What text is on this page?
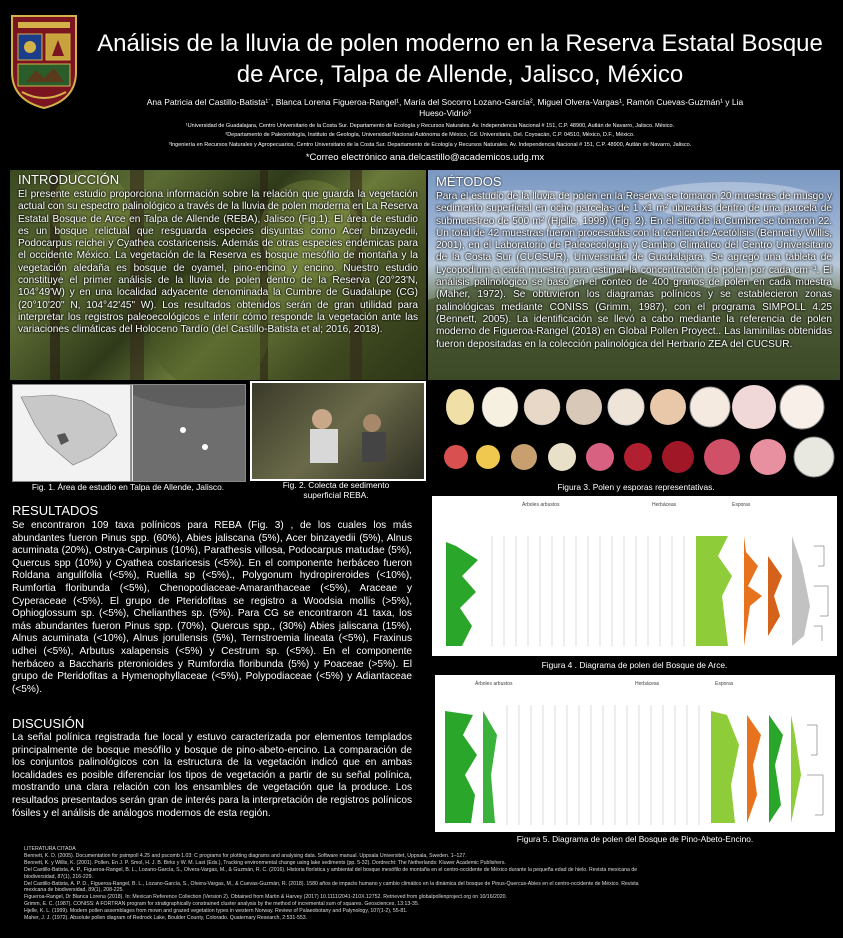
Análisis de la lluvia de polen moderno en la Reserva Estatal Bosque
de Arce, Talpa de Allende, Jalisco, México
Ana Patricia del Castillo-Batista¹˙, Blanca Lorena Figueroa-Rangel¹, María del Socorro Lozano-García², Miguel Olvera-Vargas¹, Ramón Cuevas-Guzmán¹ y Lia
Hueso-Vidrio³
¹Universidad de Guadalajara, Centro Universitario de la Costa Sur. Departamento de Ecología y Recursos Naturales. Av. Independencia Nacional # 151, C.P. 48900, Autlán de Navarro, Jalisco. México.
²Departamento de Paleontología, Instituto de Geología, Universidad Nacional Autónoma de México, Cd. Universitaria, Del. Coyoacán, C.P. 04510, México, D.F., México.
³Ingeniería en Recursos Naturales y Agropecuarios, Centro Universitario de la Costa Sur. Departamento de Ecología y Recursos Naturales. Av. Independencia Nacional # 151, C.P. 48900, Autlán de Navarro, Jalisco.
*Correo electrónico ana.delcastillo@academicos.udg.mx
INTRODUCCIÓN
El presente estudio proporciona información sobre la relación que guarda la vegetación actual con su espectro palinológico a través de la lluvia de polen moderna en La Reserva Estatal Bosque de Arce en Talpa de Allende (REBA), Jalisco (Fig.1). El área de estudio es un bosque relictual que resguarda especies disyuntas como Acer binzayedii, Podocarpus reichei y Cyathea costaricensis. Además de otras especies endémicas para el occidente México. La vegetación de la Reserva es bosque mesófilo de montaña y la vegetación aledaña es bosque de oyamel, pino-encino y encino. Nuestro estudio constituye el primer análisis de la lluvia de polen dentro de la Reserva (20°23'N, 104°49'W) y en una localidad adyacente denominada la Cumbre de Guadalupe (CG) (20°10'20" N, 104°42'45" W). Los resultados obtenidos serán de gran utilidad para interpretar los registros paleoecológicos e inferir cómo responde la vegetación ante las variaciones climáticas del Holoceno Tardío (del Castillo-Batista et al; 2016, 2018).
MÉTODOS
Para el estudio de la lluvia de polen en la Reserva se tomaron 20 muestras de musgo y sedimento superficial en ocho parcelas de 1 x1 m² ubicadas dentro de una parcela de submuestreo de 500 m² (Hjelle, 1999) (Fig. 2). En el sitio de la Cumbre se tomaron 22. Un total de 42 muestras fueron procesadas con la técnica de Acetólisis (Bennett y Willis, 2001), en el Laboratorio de Paleoecología y Cambio Climático del Centro Universitario de la Costa Sur (CUCSUR), Universidad de Guadalajara. Se agregó una tableta de Lycopodium a cada muestra para estimar la concentración de polen por cada cm⁻³. El análisis palinológico se basó en el conteo de 400 granos de polen en cada muestra (Maher, 1972). Se obtuvieron los diagramas polínicos y se establecieron zonas palinológicas mediante CONISS (Grimm, 1987), con el programa SIMPOLL 4.25 (Bennett, 2005). La identificación se llevó a cabo mediante la referencia de polen moderno de Figueroa-Rangel (2018) en Global Pollen Proyect.. Las laminillas obtenidas fueron depositadas en la colección palinológica del Herbario ZEA del CUCSUR.
Fig. 1. Área de estudio en Talpa de Allende, Jalisco.	Fig. 2. Colecta de sedimento
superficial REBA.
Figura 3. Polen y esporas representativas.
Árboles arbustos	Herbáceas	Esporas
Figura 4 . Diagrama de polen del Bosque de Arce.
Árboles arbustos	Herbáceas	Esporas
Figura 5. Diagrama de polen del Bosque de Pino-Abeto-Encino.
RESULTADOS
Se encontraron 109 taxa polínicos para REBA (Fig. 3) , de los cuales los más abundantes fueron Pinus spp. (60%), Abies jaliscana (5%), Acer binzayedii (5%), Alnus acuminata (20%), Ostrya-Carpinus (10%), Parathesis villosa, Podocarpus matudae (5%), Quercus spp (10%) y Cyathea costaricesis (<5%). En el componente herbáceo fueron Roldana angulifolia (<5%), Ruellia sp (<5%)., Polygonum hydropireroides (<10%), Rumfortia floribunda (<5%), Chenopodiaceae-Amaranthaceae (<5%), Araceae y Cyperaceae (<5%). El grupo de Pteridofitas se registro a Woodsia mollis (>5%), Ophioglossum sp. (<5%), Chelianthes sp. (5%). Para CG se encontraron 41 taxa, los más abundantes fueron Pinus spp. (70%), Quercus spp., (30%) Abies jaliscana (15%), Alnus acuminata (<10%), Alnus jorullensis (5%), Ternstroemia lineata (<5%), Fraxinus udhei (<5%), Arbutus xalapensis (<5%) y Cestrum sp. (<5%). En el componente herbáceo a Baccharis pteronioides y Rumfordia floribunda (5%) y Poaceae (>5%). El grupo de Pteridofitas a Hymenophyllaceae (<5%), Polypodiaceae (<5%) y Adiantaceae (<5%).
DISCUSIÓN
La señal polínica registrada fue local y estuvo caracterizada por elementos templados principalmente de bosque mesófilo y bosque de pino-abeto-encino. La comparación de los conjuntos palinológicos con la estructura de la vegetación indicó que en ambas localidades es posible diferenciar los tipos de vegetación a partir de su señal polínica, mostrando una clara relación con los ensambles de vegetación que la produce. Los resultados presentados serán gran de interés para la interpretación de registros polínicos fósiles y el análisis de análogos modernos de esta región.
LITERATURA CITADA
Bennett, K. D. (2005). Documentation for psimpoll 4.25 and pscomb 1.03: C programs for plotting diagrams and analysing data. Software manual. Uppsala Universitet, Uppsala, Sweden. 1–127.
Bennett, K. y Willis, K. (2001). Pollen. En J. P. Smol, H. J. B. Birks y W. M. Last (Eds.), Tracking environmental change using lake sediments (pp. 5-32). Dordrecht: The Netherlands: Kluwer Academic Publishers.
Del Castillo-Batista, A. P., Figueroa-Rangel, B. L., Lozano-García, S., Olvera-Vargas, M., & Guzmán, R. C. (2016). Historia florística y ambiental del bosque mesófilo de montaña en el centro-occidente de México durante la pequeña edad de hielo. Revista mexicana de
biodiversidad, 87(1), 216-229.
Del Castillo-Batista, A. P. D., Figueroa-Rangel, B. L., Lozano-García, S., Olvera-Vargas, M., & Cuevas-Guzmán, R. (2018). 1580 años de impacto humano y cambio climático en la dinámica del bosque de Pinus-Quercus-Abies en el centro-occidente de México. Revista
mexicana de biodiversidad, 89(1), 208-225.
Figueroa-Rangel, Dr Blanca Lorena (2018). In: Mexican Reference Collection (Version 2). Obtained from Martin & Harvey (2017) 10.1111/2041-210X.12752. Retrieved from globalpollenproject.org on 10/16/2020.
Grimm, E. C. (1987). CONISS: A FORTRAN program for stratigraphically constrained cluster analysis by the method of incremental sum of squares. Geosciences, 13:13-35.
Hjelle, K. L. (1999). Modern pollen assemblages from mown and grazed vegetation types in western Norway. Review of Palaeobotany and Palynology, 107(1-2), 55-81.
Maher, J. J. (1972). Absolute pollen diagram of Redrock Lake, Boulder County, Colorado. Quaternary Research, 2:531-553.
